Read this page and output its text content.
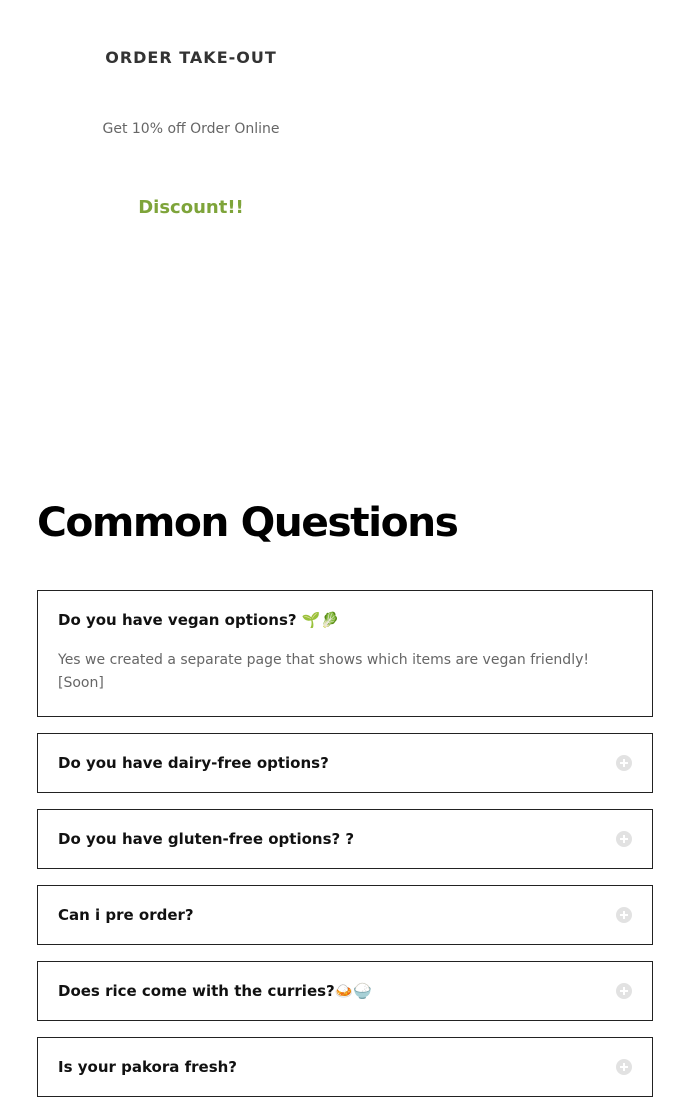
ORDER TAKE-OUT

Get 10% off Order Online

Discount!!
Common Questions
Do you have vegan options? 🌱🥬

Yes we created a separate page that shows which items are vegan friendly! [Soon]

Do you have dairy-free options?
Do you have gluten-free options? ?
Can i pre order?
Does rice come with the curries?🍛🍚
Is your pakora fresh?
